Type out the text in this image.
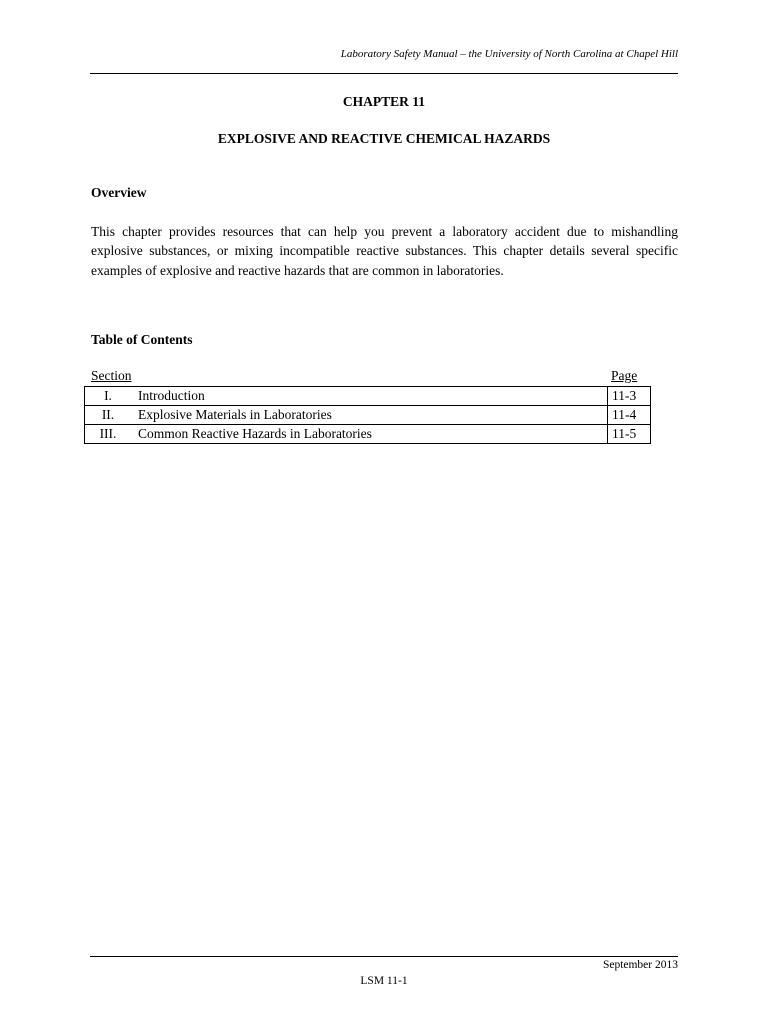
Laboratory Safety Manual – the University of North Carolina at Chapel Hill
CHAPTER 11
EXPLOSIVE AND REACTIVE CHEMICAL HAZARDS
Overview
This chapter provides resources that can help you prevent a laboratory accident due to mishandling explosive substances, or mixing incompatible reactive substances. This chapter details several specific examples of explosive and reactive hazards that are common in laboratories.
Table of Contents
Section	Page
I.	Introduction	11-3
II.	Explosive Materials in Laboratories	11-4
III.	Common Reactive Hazards in Laboratories	11-5
September 2013
LSM 11-1
